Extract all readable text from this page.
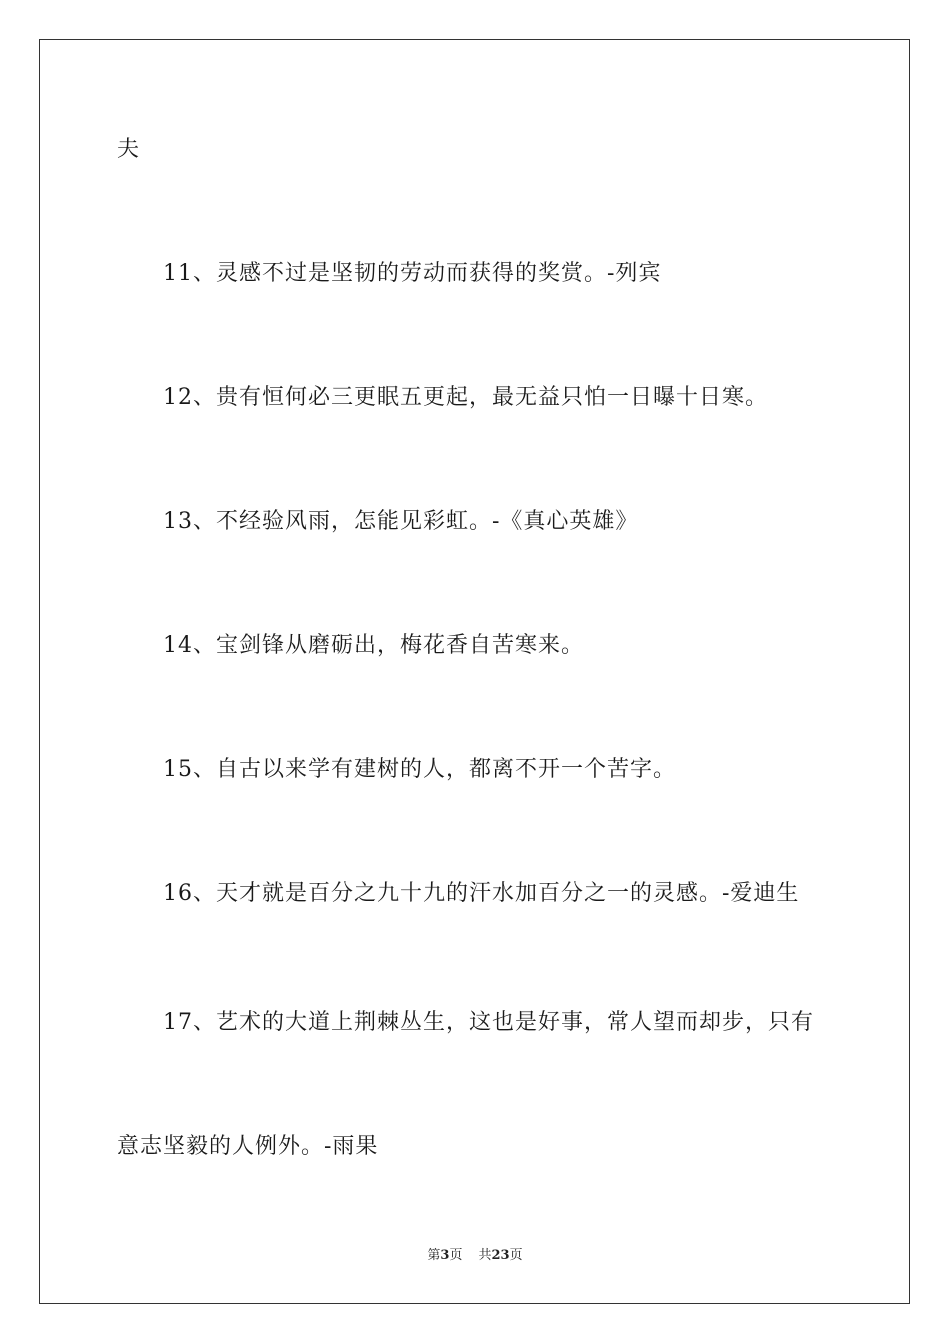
夫
11、灵感不过是坚韧的劳动而获得的奖赏。-列宾
12、贵有恒何必三更眠五更起，最无益只怕一日曝十日寒。
13、不经验风雨，怎能见彩虹。-《真心英雄》
14、宝剑锋从磨砺出，梅花香自苦寒来。
15、自古以来学有建树的人，都离不开一个苦字。
16、天才就是百分之九十九的汗水加百分之一的灵感。-爱迪生
17、艺术的大道上荆棘丛生，这也是好事，常人望而却步，只有
意志坚毅的人例外。-雨果
第3页 共23页
